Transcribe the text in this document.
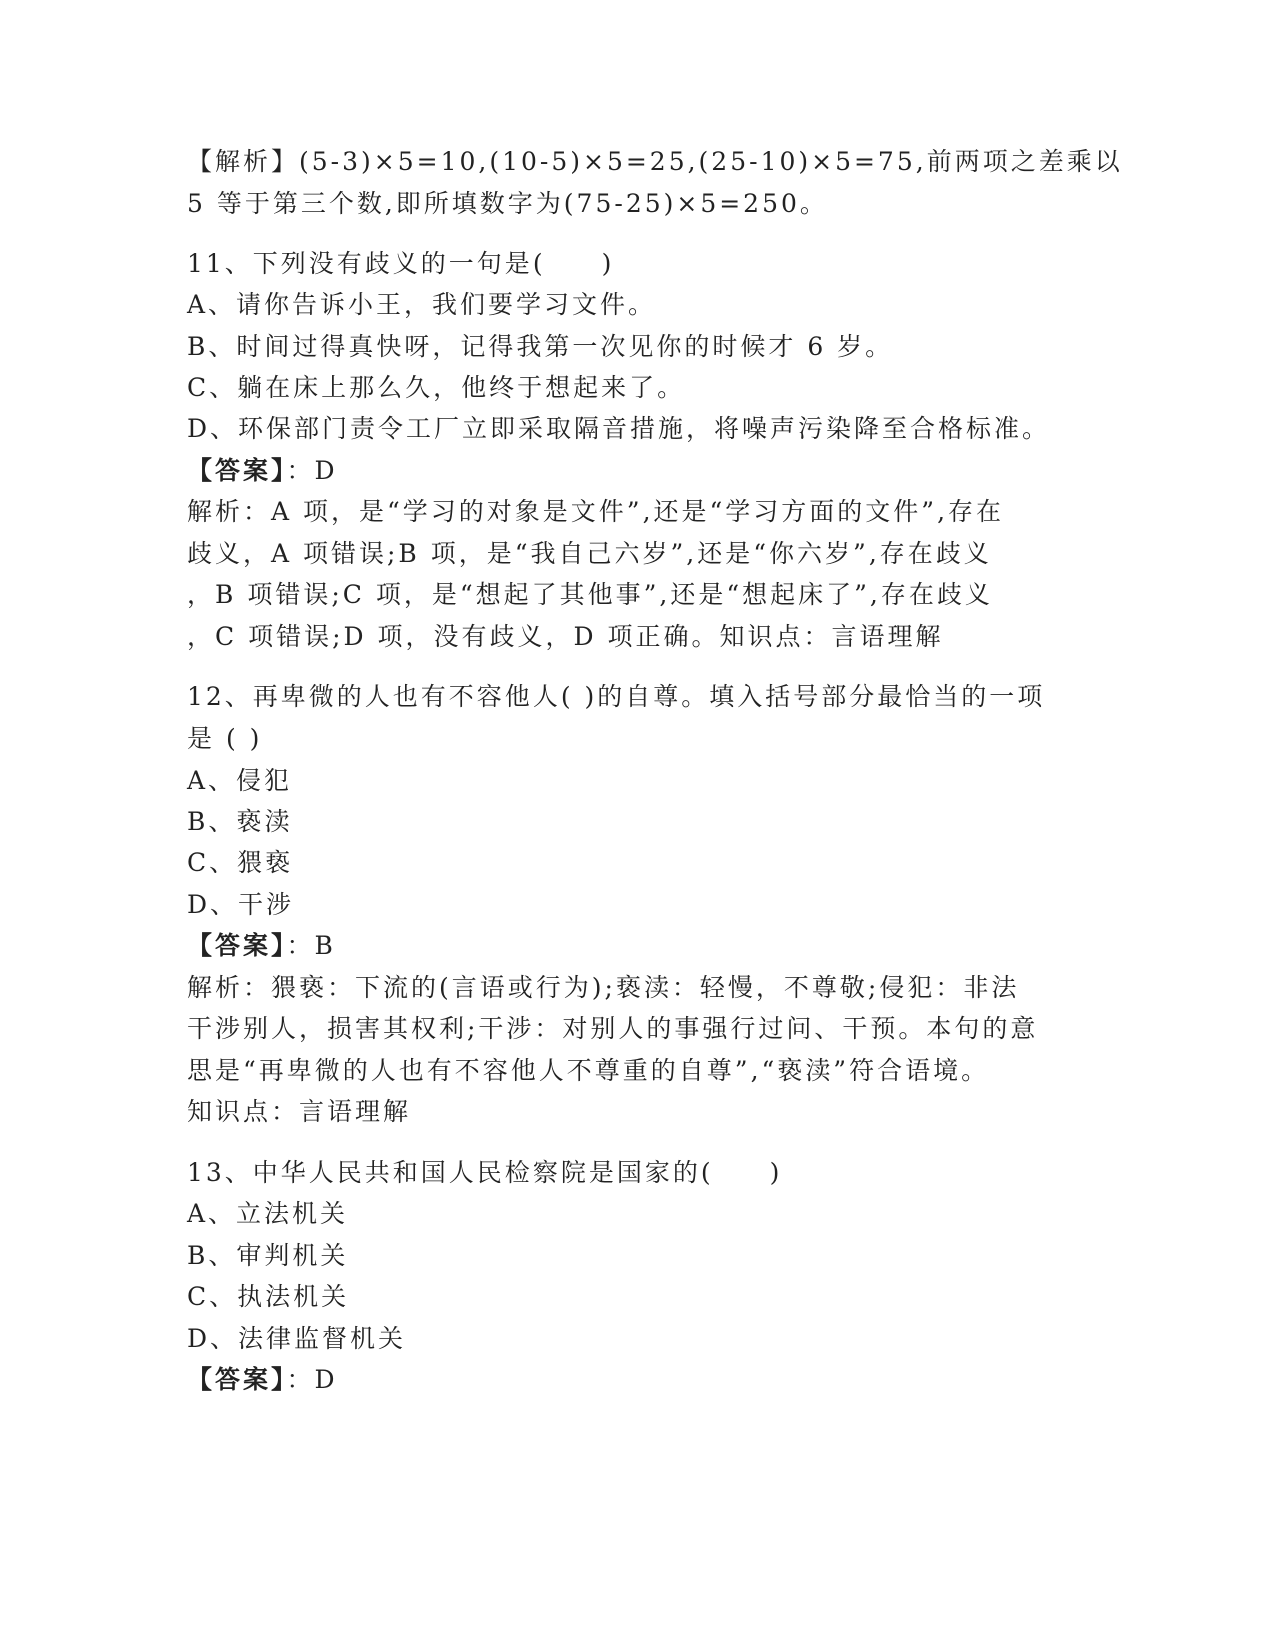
【解析】(5-3)×5=10,(10-5)×5=25,(25-10)×5=75,前两项之差乘以
5 等于第三个数,即所填数字为(75-25)×5=250。
11、下列没有歧义的一句是(　　)
A、请你告诉小王，我们要学习文件。
B、时间过得真快呀，记得我第一次见你的时候才 6 岁。
C、躺在床上那么久，他终于想起来了。
D、环保部门责令工厂立即采取隔音措施，将噪声污染降至合格标准。
【答案】：D
解析：A 项，是“学习的对象是文件”,还是“学习方面的文件”,存在
歧义，A 项错误;B 项，是“我自己六岁”,还是“你六岁”,存在歧义
，B 项错误;C 项，是“想起了其他事”,还是“想起床了”,存在歧义
，C 项错误;D 项，没有歧义，D 项正确。知识点：言语理解
12、再卑微的人也有不容他人( )的自尊。填入括号部分最恰当的一项
是 ( )
A、侵犯
B、亵渎
C、猥亵
D、干涉
【答案】：B
解析：猥亵：下流的(言语或行为);亵渎：轻慢，不尊敬;侵犯：非法
干涉别人，损害其权利;干涉：对别人的事强行过问、干预。本句的意
思是“再卑微的人也有不容他人不尊重的自尊”,“亵渎”符合语境。
知识点：言语理解
13、中华人民共和国人民检察院是国家的(　　)
A、立法机关
B、审判机关
C、执法机关
D、法律监督机关
【答案】：D
